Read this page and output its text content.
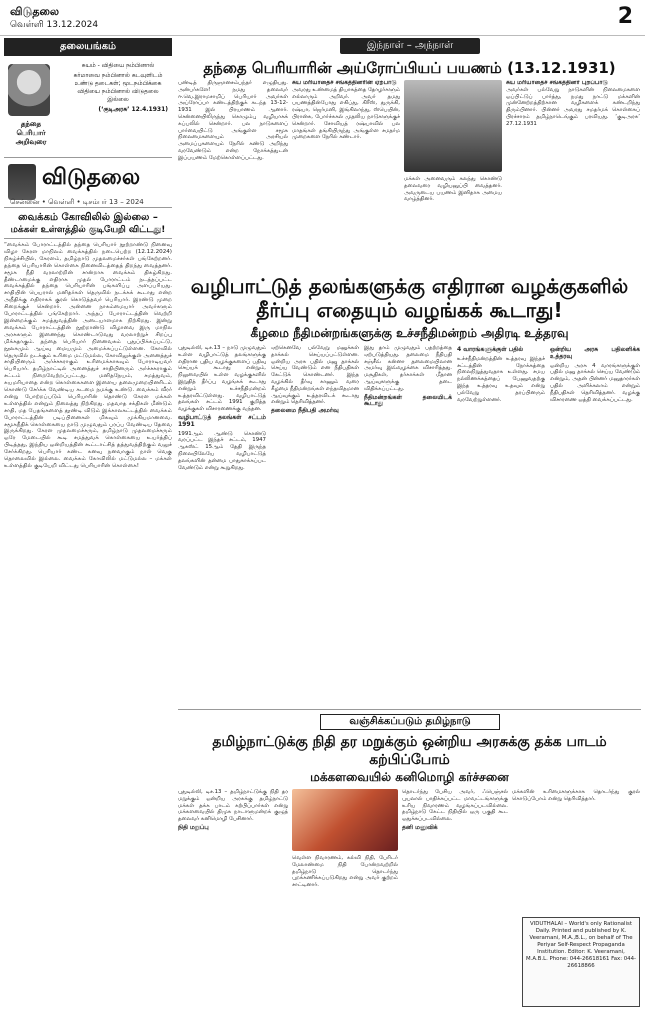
விடுதலை
வெள்ளி 13.12.2024	2
தலையங்கம்
தந்தை பெரியார் அறிவுரை
சுயம் - விதியை நம்பினால்
கர்மாவை நம்பினால் கடவுளிடம் உண்டு தடைகள்; மூடநம்பிக்கை விதியை நம்பினால் விடுதலை இல்லை
(‘குடிஅரசு’ 12.4.1931)
விடுதலை
சென்னை • வெள்ளி • டிசம்பர் 13 – 2024
வைக்கம் கோவிலில் இல்லை –
மக்கள் உள்ளத்தில் குடியேறி விட்டது!
“வைக்கம் போராட்டத்தில் தந்தை பெரியார் நூற்றாண்டு நினைவு விழா கேரள மாநிலம் வைக்கத்தில் நடைபெற்ற (12.12.2024) நிகழ்ச்சியில், கேரளம், தமிழ்நாடு முதலமைச்சர்கள் பங்கேற்றனர். தந்தை பெரியாரின் கொள்கை நினைவிடத்தைத் திறந்து வைத்தனர். சமூக நீதி வரலாற்றின் சான்றாக வைக்கம் திகழ்கிறது. தீண்டாமைக்கு எதிராக முதல் போராட்டம் நடத்தப்பட்ட வைக்கத்தில் தந்தை பெரியாரின் பங்களிப்பு அளப்பரியது. சாதியின் பெயரால் மனிதர்கள் தெருவில் நடக்கக் கூடாது என்ற அநீதிக்கு எதிராகக் குரல் கொடுத்தவர் பெரியார். இரண்டு முறை சிறைக்குச் சென்றார். அன்னை நாகம்மையார் அவர்களும் போராட்டத்தில் பங்கேற்றார். அந்தப் போராட்டத்தின் வெற்றி இன்றைக்கும் சமத்துவத்தின் அடையாளமாக நிற்கிறது. இன்று வைக்கம் போராட்டத்தின் நூற்றாண்டு விழாவை இரு மாநில அரசுகளும் இணைந்து கொண்டாடுவது வரலாற்றுச் சிறப்பு மிக்கதாகும். தந்தை பெரியார் நினைவகம் புதுப்பிக்கப்பட்டு, நூலகமும் ஆய்வு மையமும் அமைக்கப்பட்டுள்ளன. கோவில் தெருவில் நடக்கும் உரிமை மட்டுமல்ல, கோவிலுக்குள் அனைத்துச் சாதியினரும் அர்ச்சகராகும் உரிமைக்காகவும் போராடியவர் பெரியார். தமிழ்நாட்டில் அனைத்துச் சாதியினரும் அர்ச்சகராகும் சட்டம் நிறைவேற்றப்பட்டது. மனிதநேயம், சமத்துவம், சுயமரியாதை என்ற கொள்கைகளை இளைய தலைமுறையினரிடம் கொண்டு சேர்க்க வேண்டிய கடமை நமக்கு உண்டு. வைக்கம் வீரர் என்று போற்றப்படும் பெரியாரின் தொண்டு கேரள மக்கள் உள்ளத்தில் என்றும் நிலைத்து நிற்கிறது. மதவாத சக்திகள் மீண்டும் சாதி, மத பேதங்களைத் தூண்டி விடும் இக்காலகட்டத்தில் வைக்கம் போராட்டத்தின் படிப்பினைகள் மிகவும் முக்கியமானவை. சமூகநீதிக் கொள்கையை நாடு முழுவதும் பரப்ப வேண்டிய தேவை இருக்கிறது. கேரள முதலமைச்சரும், தமிழ்நாடு முதலமைச்சரும் ஒரே மேடையில் கூடி சமத்துவக் கொள்கையை உயர்த்திப் பிடித்தது, இந்திய ஒன்றியத்தின் கூட்டாட்சித் தத்துவத்திற்கும் வலுச் சேர்க்கிறது. பெரியார் கண்ட கனவு நனவாகும் நாள் வெகு தொலைவில் இல்லை. வைக்கம் கோவிலில் மட்டுமல்ல – மக்கள் உள்ளத்தில் குடியேறி விட்டது பெரியாரின் கொள்கை!
இந்நாள் – அந்நாள்
தந்தை பெரியாரின் அய்ரோப்பியப் பயணம் (13.12.1931)
பண்டித் திருஞானசம்பந்தர் எழுதியது. அன்பர்களே! நமது தலைவர் ஈ.வெ.இராமசாமிப் பெரியார் அவர்கள் அய்ரோப்பா கண்டத்திற்குக் கடந்த 13-12-1931 இல் பிரயாணம் ஆனார். சென்னையிலிருந்து கொழும்பு வழியாகக் கப்பலில் சென்றார். பல நாடுகளைப் பார்வையிட்டு அங்குள்ள சமூக நிலைமைகளையும் அரசியல் அமைப்புகளையும் நேரில் கண்டு அறிந்து வரவேண்டும் என்ற நோக்கத்துடன் இப்பயணம் மேற்கொள்ளப்பட்டது.
சுய மரியாதைச் சங்கத்தினரின் ஏற்பாடு
அவரது உண்மைத் தியாகத்தை தோழர்களும் எல்லாரும் அறிவர். அவர் தமது பயணத்தின்போது எகிப்து, கிரீஸ், துருக்கி, ரஷ்யா, ஜெர்மனி, இங்கிலாந்து, ஸ்பெயின், பிரான்சு, போர்ச்சுகல் முதலிய நாடுகளுக்குச் சென்றார். சோவியத் ரஷ்யாவில் பல மாதங்கள் தங்கியிருந்து அங்குள்ள சமதர்ம முறைகளை நேரில் கண்டார்.
மக்கள் அனைவரும் கலந்து கொண்டு தலைவரை வழியனுப்பி வைத்தனர். அவருடைய பயணம் இனிதாக அமைய வாழ்த்தினர்.
சுய மரியாதைச் சங்கத்தினர் புறப்பாடு
அவர்கள் பல்வேறு நாடுகளின் நிலைமைகளை ஒப்பிட்டுப் பார்த்து, நமது நாட்டு மக்களின் முன்னேற்றத்திற்கான வழிகளைக் கண்டறிந்து திரும்பினார். பின்னர் அவரது சமதர்மக் கொள்கைப் பிரச்சாரம் தமிழ்நாடெங்கும் பரவியது. ‘குடிஅரசு’ 27.12.1931
வழிபாட்டுத் தலங்களுக்கு எதிரான வழக்குகளில்
தீர்ப்பு எதையும் வழங்கக் கூடாது!
கீழமை நீதிமன்றங்களுக்கு உச்சநீதிமன்றம் அதிரடி உத்தரவு
புதுடில்லி, டிச.13 – நாடு முழுவதும் உள்ள வழிபாட்டுத் தலங்களுக்கு எதிரான புதிய வழக்குகளைப் பதிவு செய்யக் கூடாது என்றும், நிலுவையில் உள்ள வழக்குகளில் இறுதித் தீர்ப்பு வழங்கக் கூடாது என்றும் உச்சநீதிமன்றம் உத்தரவிட்டுள்ளது. வழிபாட்டுத் தலங்கள் சட்டம் 1991 குறித்த வழக்குகள் விசாரணைக்கு வந்தன.
வழிபாட்டுத் தலங்கள் சட்டம் 1991
1991ஆம் ஆண்டு கொண்டு வரப்பட்ட இந்தச் சட்டம், 1947 ஆகஸ்ட் 15ஆம் தேதி இருந்த நிலையிலேயே வழிபாட்டுத் தலங்களின் தன்மை பாதுகாக்கப்பட வேண்டும் என்று கூறுகிறது.
ஏற்கெனவே பல்வேறு மனுக்கள் தாக்கல் செய்யப்பட்டுள்ளன. ஒன்றிய அரசு பதில் மனு தாக்கல் செய்ய வேண்டும் என நீதிபதிகள் கேட்டுக் கொண்டனர். இந்த வழக்கில் தீர்வு காணும் வரை கீழமை நீதிமன்றங்கள் எந்தவிதமான ஆய்வுக்கும் உத்தரவிடக் கூடாது என்றும் தெரிவித்தனர்.
தலைமை நீதிபதி அமர்வு
இது தாம் முழுவதும் பதற்றத்தை ஏற்படுத்தியது. தலைமை நீதிபதி சஞ்சீவ் கன்னா தலைமையிலான அமர்வு இவ்வழக்கை விசாரித்தது. மசூதிகள், தர்காக்கள் மீதான ஆய்வுகளுக்கு தடை விதிக்கப்பட்டது.
நீதிமன்றங்கள் தலையிடக் கூடாது
4 வாரங்களுக்குள் பதில்
உச்சநீதிமன்றத்தின் உத்தரவு இந்தச் சட்டத்தின் நோக்கத்தை நிலைநிறுத்துவதாக உள்ளது. சமய நல்லிணக்கத்தைப் பேணுவதற்கு இந்த உத்தரவு உதவும் என்று பல்வேறு தரப்பினரும் வரவேற்றுள்ளனர்.
ஒன்றிய அரசு பதிலளிக்க உத்தரவு
ஒன்றிய அரசு 4 வாரங்களுக்குள் பதில் மனு தாக்கல் செய்ய வேண்டும் என்றும், அதன் பின்னர் மனுதாரர்கள் பதில் அளிக்கலாம் என்றும் நீதிபதிகள் தெரிவித்தனர். வழக்கு விசாரணை ஒத்தி வைக்கப்பட்டது.
வஞ்சிக்கப்படும் தமிழ்நாடு
தமிழ்நாட்டுக்கு நிதி தர மறுக்கும் ஒன்றிய அரசுக்கு தக்க பாடம் கற்பிப்போம்
மக்களவையில் கனிமொழி கர்ச்சனை
புதுடில்லி, டிச.13 – தமிழ்நாட்டுக்கு நிதி தர மறுக்கும் ஒன்றிய அரசுக்கு தமிழ்நாட்டு மக்கள் தக்க பாடம் கற்பிப்பார்கள் என்று மக்களவையில் திமுக நாடாளுமன்றக் குழுத் தலைவர் கனிமொழி பேசினார்.
நிதி மறுப்பு
வெள்ள நிவாரணம், கல்வி நிதி, பேரிடர் மேலாண்மை நிதி போன்றவற்றில் தமிழ்நாடு தொடர்ந்து புறக்கணிக்கப்படுகிறது என்று அவர் குற்றம் சாட்டினார்.
தொடர்ந்து பேசிய அவர், ஃபெஞ்சல் புயலால் பாதிக்கப்பட்ட மாவட்டங்களுக்கு உரிய நிவாரணம் வழங்கப்படவில்லை. தமிழ்நாடு கேட்ட நிதியில் ஒரு பகுதி கூட ஒதுக்கப்படவில்லை.
தனி மனுவிக்
மக்களின் உரிமைகளுக்காக தொடர்ந்து குரல் கொடுப்போம் என்று தெரிவித்தார்.
VIDUTHALAI – World's only Rationalist Daily. Printed and published by K. Veeramani, M.A.,B.L., on behalf of The Periyar Self-Respect Propaganda Institution. Editor: K. Veeramani, M.A.B.L. Phone: 044-26618161 Fax: 044-26618866
